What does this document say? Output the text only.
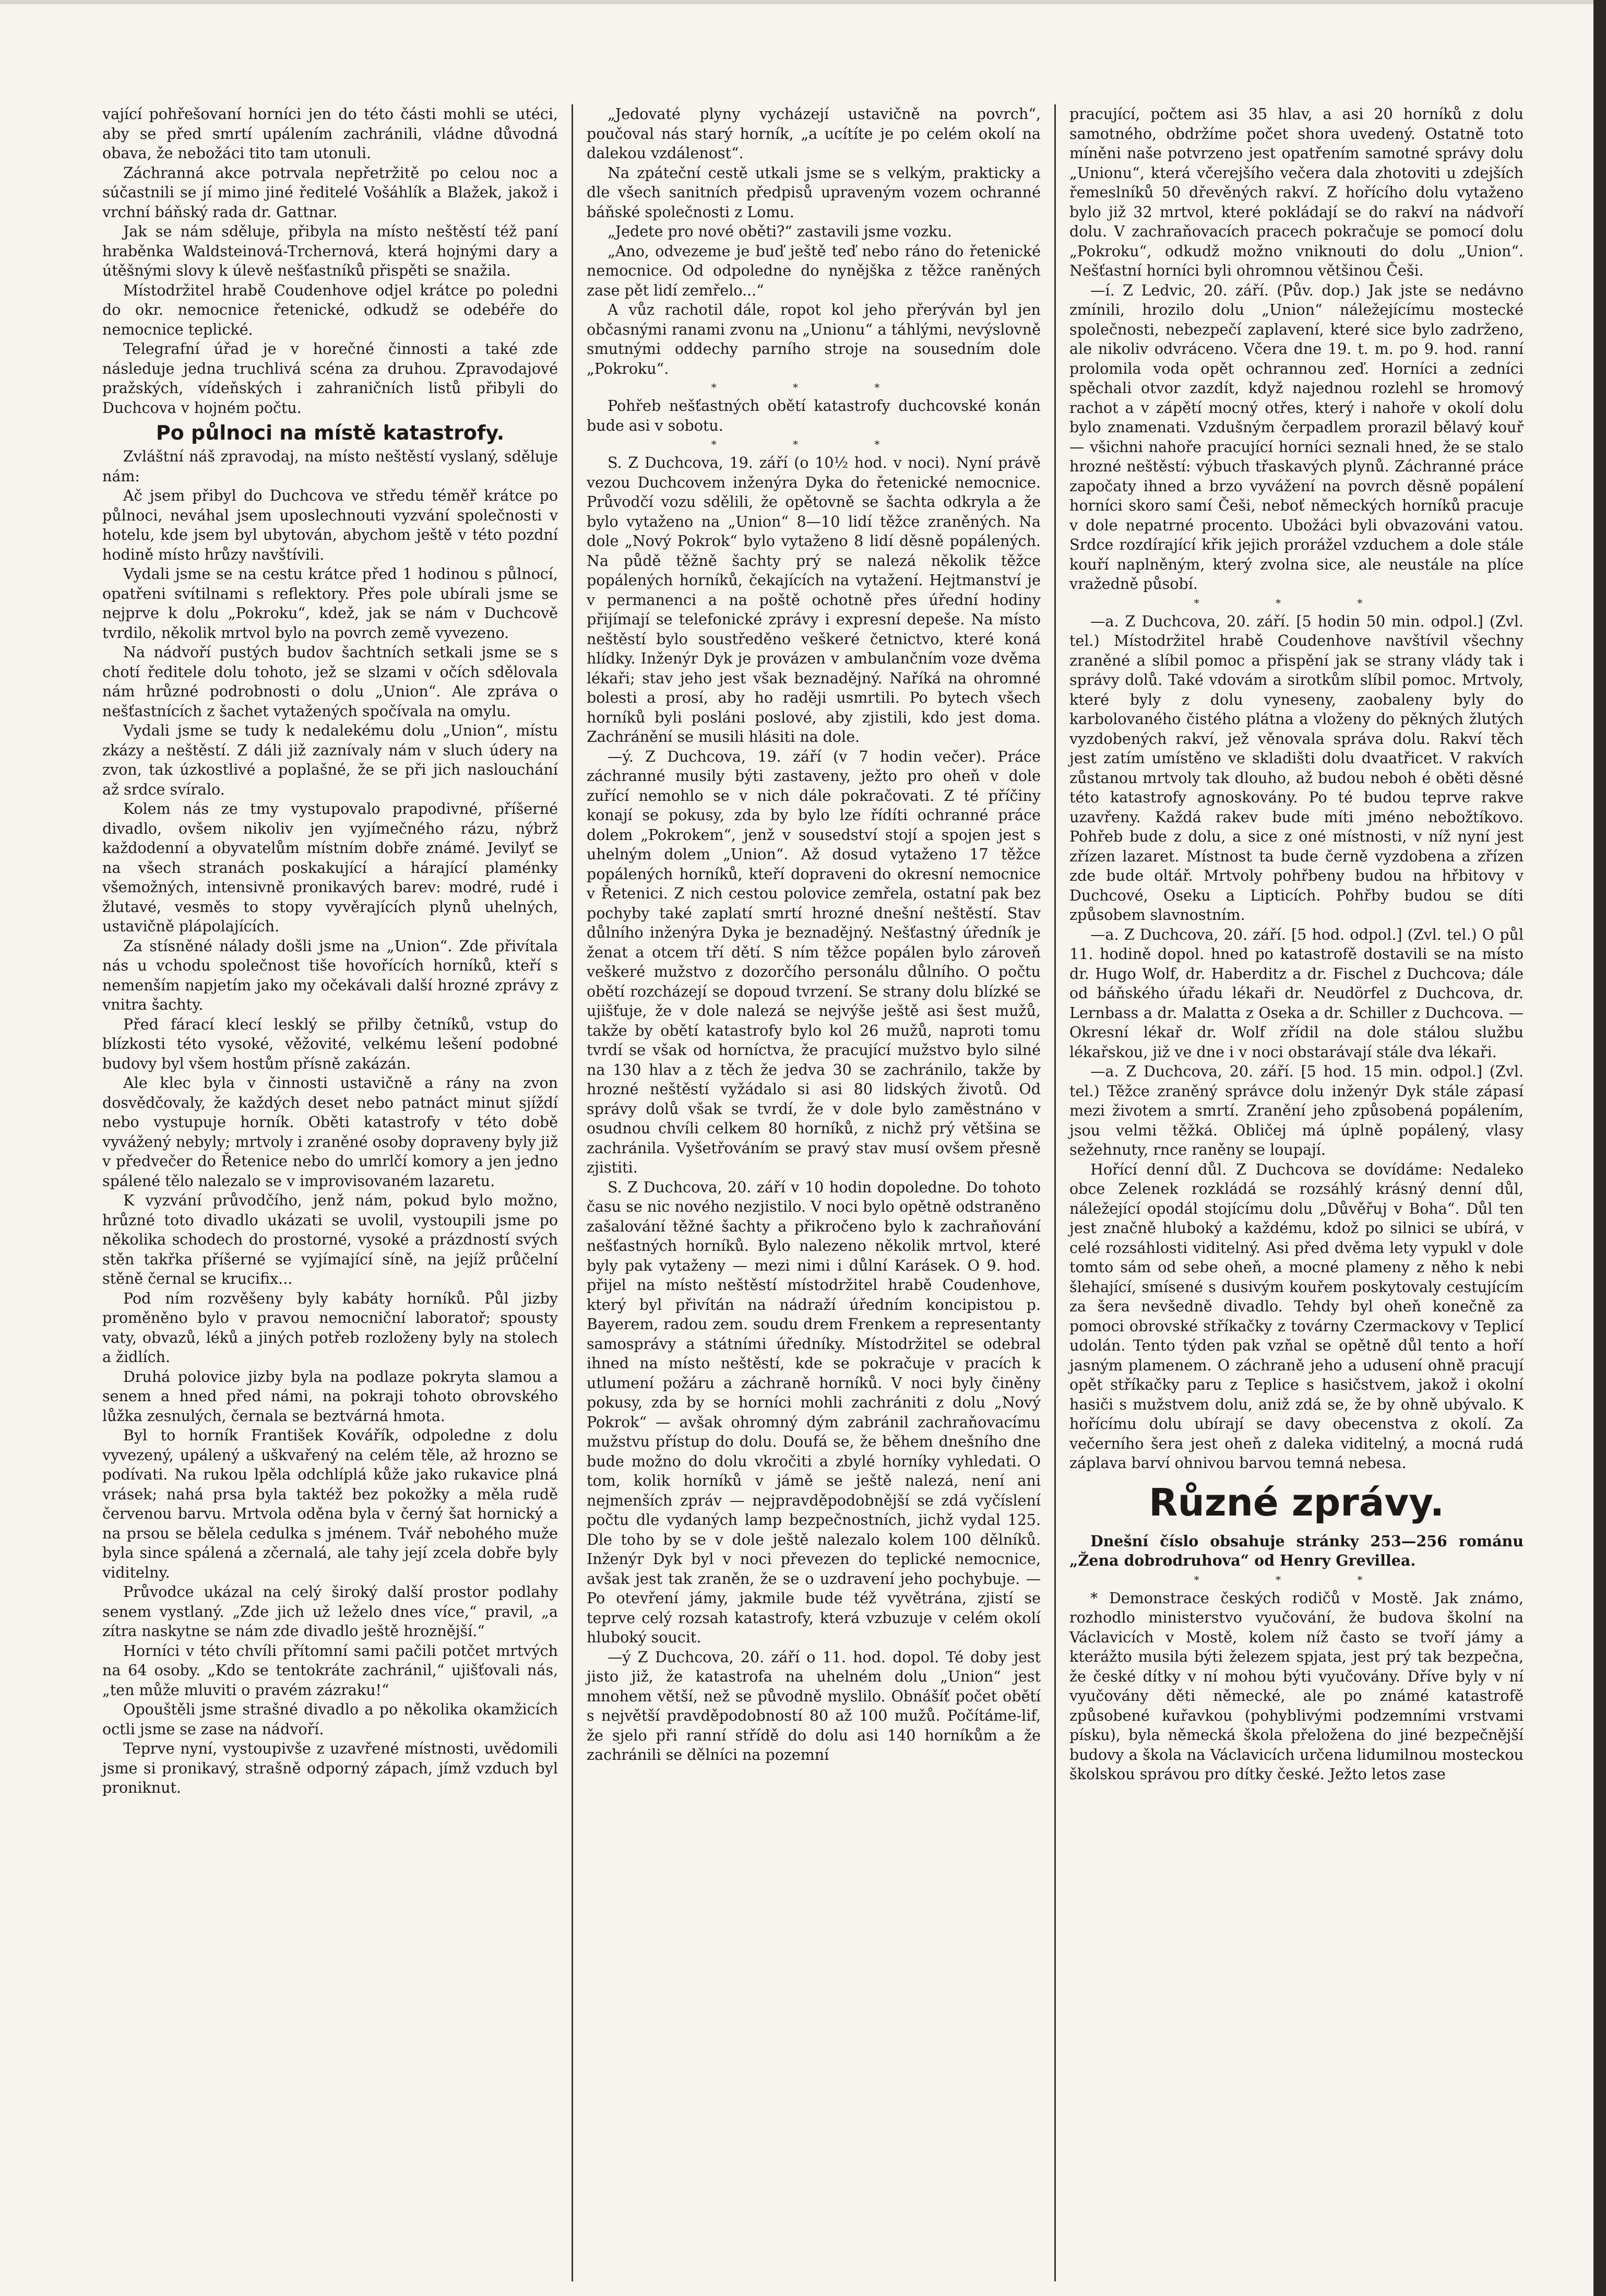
vající pohřešovaní horníci jen do této části mohli se utéci, aby se před smrtí upálením zachránili, vládne důvodná obava, že nebožáci tito tam utonuli.

Záchranná akce potrvala nepřetržitě po celou noc a súčastnili se jí mimo jiné ředitelé Vošáhlík a Blažek, jakož i vrchní báňský rada dr. Gattnar.

Jak se nám sděluje, přibyla na místo neštěstí též paní hraběnka Waldsteinová-Trchernová, která hojnými dary a útěšnými slovy k úlevě nešťastníků přispěti se snažila.

Místodržitel hrabě Coudenhove odjel krátce po poledni do okr. nemocnice řetenické, odkudž se odebéře do nemocnice teplické.

Telegrafní úřad je v horečné činnosti a také zde následuje jedna truchlivá scéna za druhou. Zpravodajové pražských, vídeňských i zahraničních listů přibyli do Duchcova v hojném počtu.

Po půlnoci na místě katastrofy.

Zvláštní náš zpravodaj, na místo neštěstí vyslaný, sděluje nám:

Ač jsem přibyl do Duchcova ve středu téměř krátce po půlnoci, neváhal jsem uposlechnouti vyzvání společnosti v hotelu, kde jsem byl ubytován, abychom ještě v této pozdní hodině místo hrůzy navštívili.

Vydali jsme se na cestu krátce před 1 hodinou s půlnocí, opatřeni svítilnami s reflektory. Přes pole ubírali jsme se nejprve k dolu „Pokroku“, kdež, jak se nám v Duchcově tvrdilo, několik mrtvol bylo na povrch země vyvezeno.

Na nádvoří pustých budov šachtních setkali jsme se s chotí ředitele dolu tohoto, jež se slzami v očích sdělovala nám hrůzné podrobnosti o dolu „Union“. Ale zpráva o nešťastnících z šachet vytažených spočívala na omylu.

Vydali jsme se tudy k nedalekému dolu „Union“, místu zkázy a neštěstí. Z dáli již zaznívaly nám v sluch údery na zvon, tak úzkostlivé a poplašné, že se při jich naslouchání až srdce svíralo.

Kolem nás ze tmy vystupovalo prapodivné, příšerné divadlo, ovšem nikoliv jen vyjímečného rázu, nýbrž každodenní a obyvatelům místním dobře známé. Jevilyť se na všech stranách poskakující a hárající plaménky všemožných, intensivně pronikavých barev: modré, rudé i žlutavé, vesměs to stopy vyvěrajících plynů uhelných, ustavičně plápolajících.

Za stísněné nálady došli jsme na „Union“. Zde přivítala nás u vchodu společnost tiše hovořících horníků, kteří s nemenším napjetím jako my očekávali další hrozné zprávy z vnitra šachty.

Před fárací klecí lesklý se přilby četníků, vstup do blízkosti této vysoké, věžovité, velkému lešení podobné budovy byl všem hostům přísně zakázán.

Ale klec byla v činnosti ustavičně a rány na zvon dosvědčovaly, že každých deset nebo patnáct minut sjíždí nebo vystupuje horník. Oběti katastrofy v této době vyvážený nebyly; mrtvoly i zraněné osoby dopraveny byly již v předvečer do Řetenice nebo do umrlčí komory a jen jedno spálené tělo nalezalo se v improvisovaném lazaretu.

K vyzvání průvodčího, jenž nám, pokud bylo možno, hrůzné toto divadlo ukázati se uvolil, vystoupili jsme po několika schodech do prostorné, vysoké a prázdností svých stěn takřka příšerné se vyjímající síně, na jejíž průčelní stěně černal se krucifix...

Pod ním rozvěšeny byly kabáty horníků. Půl jizby proměněno bylo v pravou nemocniční laboratoř; spousty vaty, obvazů, léků a jiných potřeb rozloženy byly na stolech a židlích.

Druhá polovice jizby byla na podlaze pokryta slamou a senem a hned před námi, na pokraji tohoto obrovského lůžka zesnulých, černala se beztvárná hmota.

Byl to horník František Kovářík, odpoledne z dolu vyvezený, upálený a uškvařený na celém těle, až hrozno se podívati. Na rukou lpěla odchlíplá kůže jako rukavice plná vrásek; nahá prsa byla taktéž bez pokožky a měla rudě červenou barvu. Mrtvola oděna byla v černý šat hornický a na prsou se bělela cedulka s jménem. Tvář nebohého muže byla since spálená a zčernalá, ale tahy její zcela dobře byly viditelny.

Průvodce ukázal na celý široký další prostor podlahy senem vystlaný. „Zde jich už leželo dnes více,“ pravil, „a zítra naskytne se nám zde divadlo ještě hroznější.“

Horníci v této chvíli přítomní sami pačili potčet mrtvých na 64 osoby. „Kdo se tentokráte zachránil,“ ujišťovali nás, „ten může mluviti o pravém zázraku!“

Opouštěli jsme strašné divadlo a po několika okamžicích octli jsme se zase na nádvoří.

Teprve nyní, vystoupivše z uzavřené místnosti, uvědomili jsme si pronikavý, strašně odporný zápach, jímž vzduch byl proniknut.

„Jedovaté plyny vycházejí ustavičně na povrch“, poučoval nás starý horník, „a ucítíte je po celém okolí na dalekou vzdálenost“.

Na zpáteční cestě utkali jsme se s velkým, prakticky a dle všech sanitních předpisů upraveným vozem ochranné báňské společnosti z Lomu.

„Jedete pro nové oběti?“ zastavili jsme vozku.

„Ano, odvezeme je buď ještě teď nebo ráno do řetenické nemocnice. Od odpoledne do nynějška z těžce raněných zase pět lidí zemřelo...“

A vůz rachotil dále, ropot kol jeho přerýván byl jen občasnými ranami zvonu na „Unionu“ a táhlými, nevýslovně smutnými oddechy parního stroje na sousedním dole „Pokroku“.

* * *

Pohřeb nešťastných obětí katastrofy duchcovské konán bude asi v sobotu.

* * *

S. Z Duchcova, 19. září (o 10½ hod. v noci). Nyní právě vezou Duchcovem inženýra Dyka do řetenické nemocnice. Průvodčí vozu sdělili, že opětovně se šachta odkryla a že bylo vytaženo na „Union“ 8—10 lidí těžce zraněných. Na dole „Nový Pokrok“ bylo vytaženo 8 lidí děsně popálených. Na půdě těžně šachty prý se nalezá několik těžce popálených horníků, čekajících na vytažení. Hejtmanství je v permanenci a na poště ochotně přes úřední hodiny přijímají se telefonické zprávy i expresní depeše. Na místo neštěstí bylo soustředěno veškeré četnictvo, které koná hlídky. Inženýr Dyk je provázen v ambulančním voze dvěma lékaři; stav jeho jest však beznadějný. Naříká na ohromné bolesti a prosí, aby ho raději usmrtili. Po bytech všech horníků byli posláni poslové, aby zjistili, kdo jest doma. Zachránění se musili hlásiti na dole.

—ý. Z Duchcova, 19. září (v 7 hodin večer). Práce záchranné musily býti zastaveny, ježto pro oheň v dole zuřící nemohlo se v nich dále pokračovati. Z té příčiny konají se pokusy, zda by bylo lze řídíti ochranné práce dolem „Pokrokem“, jenž v sousedství stojí a spojen jest s uhelným dolem „Union“. Až dosud vytaženo 17 těžce popálených horníků, kteří dopraveni do okresní nemocnice v Řetenici. Z nich cestou polovice zemřela, ostatní pak bez pochyby také zaplatí smrtí hrozné dnešní neštěstí. Stav důlního inženýra Dyka je beznadějný. Nešťastný úředník je ženat a otcem tří dětí. S ním těžce popálen bylo zároveň veškeré mužstvo z dozorčího personálu důlního. O počtu obětí rozcházejí se dopoud tvrzení. Se strany dolu blízké se ujišťuje, že v dole nalezá se nejvýše ještě asi šest mužů, takže by obětí katastrofy bylo kol 26 mužů, naproti tomu tvrdí se však od horníctva, že pracující mužstvo bylo silné na 130 hlav a z těch že jedva 30 se zachránilo, takže by hrozné neštěstí vyžádalo si asi 80 lidských životů. Od správy dolů však se tvrdí, že v dole bylo zaměstnáno v osudnou chvíli celkem 80 horníků, z nichž prý většina se zachránila. Vyšetřováním se pravý stav musí ovšem přesně zjistiti.

S. Z Duchcova, 20. září v 10 hodin dopoledne. Do tohoto času se nic nového nezjistilo. V noci bylo opětně odstraněno zašalování těžné šachty a přikročeno bylo k zachraňování nešťastných horníků. Bylo nalezeno několik mrtvol, které byly pak vytaženy — mezi nimi i důlní Karásek. O 9. hod. přijel na místo neštěstí místodržitel hrabě Coudenhove, který byl přivítán na nádraží úředním koncipistou p. Bayerem, radou zem. soudu drem Frenkem a representanty samosprávy a státními úředníky. Místodržitel se odebral ihned na místo neštěstí, kde se pokračuje v pracích k utlumení požáru a záchraně horníků. V noci byly činěny pokusy, zda by se horníci mohli zachrániti z dolu „Nový Pokrok“ — avšak ohromný dým zabránil zachraňovacímu mužstvu přístup do dolu. Doufá se, že během dnešního dne bude možno do dolu vkročiti a zbylé horníky vyhledati. O tom, kolik horníků v jámě se ještě nalezá, není ani nejmenších zpráv — nejpravděpodobnější se zdá vyčíslení počtu dle vydaných lamp bezpečnostních, jichž vydal 125. Dle toho by se v dole ještě nalezalo kolem 100 dělníků. Inženýr Dyk byl v noci převezen do teplické nemocnice, avšak jest tak zraněn, že se o uzdravení jeho pochybuje. — Po otevření jámy, jakmile bude též vyvětrána, zjistí se teprve celý rozsah katastrofy, která vzbuzuje v celém okolí hluboký soucit.

—ý Z Duchcova, 20. září o 11. hod. dopol. Té doby jest jisto již, že katastrofa na uhelném dolu „Union“ jest mnohem větší, než se původně myslilo. Obnášíť počet obětí s největší pravděpodobností 80 až 100 mužů. Počítáme-lif, že sjelo při ranní střídě do dolu asi 140 horníkům a že zachránili se dělníci na pozemní

pracující, počtem asi 35 hlav, a asi 20 horníků z dolu samotného, obdržíme počet shora uvedený. Ostatně toto míněni naše potvrzeno jest opatřením samotné správy dolu „Unionu“, která včerejšího večera dala zhotoviti u zdejších řemeslníků 50 dřevěných rakví. Z hořícího dolu vytaženo bylo již 32 mrtvol, které pokládají se do rakví na nádvoří dolu. V zachraňovacích pracech pokračuje se pomocí dolu „Pokroku“, odkudž možno vniknouti do dolu „Union“. Nešťastní horníci byli ohromnou většinou Češi.

—í. Z Ledvic, 20. září. (Pův. dop.) Jak jste se nedávno zmínili, hrozilo dolu „Union“ náležejícímu mostecké společnosti, nebezpečí zaplavení, které sice bylo zadrženo, ale nikoliv odvráceno. Včera dne 19. t. m. po 9. hod. ranní prolomila voda opět ochrannou zeď. Horníci a zedníci spěchali otvor zazdít, když najednou rozlehl se hromový rachot a v zápětí mocný otřes, který i nahoře v okolí dolu bylo znamenati. Vzdušným čerpadlem prorazil bělavý kouř — všichni nahoře pracující horníci seznali hned, že se stalo hrozné neštěstí: výbuch třaskavých plynů. Záchranné práce započaty ihned a brzo vyvážení na povrch děsně popálení horníci skoro samí Češi, neboť německých horníků pracuje v dole nepatrné procento. Ubožáci byli obvazováni vatou. Srdce rozdírající křik jejich prorážel vzduchem a dole stále kouří naplněným, který zvolna sice, ale neustále na plíce vražedně působí.

* * *

—a. Z Duchcova, 20. září. [5 hodin 50 min. odpol.] (Zvl. tel.) Místodržitel hrabě Coudenhove navštívil všechny zraněné a slíbil pomoc a přispění jak se strany vlády tak i správy dolů. Také vdovám a sirotkům slíbil pomoc. Mrtvoly, které byly z dolu vyneseny, zaobaleny byly do karbolovaného čistého plátna a vloženy do pěkných žlutých vyzdobených rakví, jež věnovala správa dolu. Rakví těch jest zatím umístěno ve skladišti dolu dvaatřicet. V rakvích zůstanou mrtvoly tak dlouho, až budou neboh é oběti děsné této katastrofy agnoskovány. Po té budou teprve rakve uzavřeny. Každá rakev bude míti jméno nebožtíkovo. Pohřeb bude z dolu, a sice z oné místnosti, v níž nyní jest zřízen lazaret. Místnost ta bude černě vyzdobena a zřízen zde bude oltář. Mrtvoly pohřbeny budou na hřbitovy v Duchcové, Oseku a Lipticích. Pohřby budou se díti způsobem slavnostním.

—a. Z Duchcova, 20. září. [5 hod. odpol.] (Zvl. tel.) O půl 11. hodině dopol. hned po katastrofě dostavili se na místo dr. Hugo Wolf, dr. Haberditz a dr. Fischel z Duchcova; dále od báňského úřadu lékaři dr. Neudörfel z Duchcova, dr. Lernbass a dr. Malatta z Oseka a dr. Schiller z Duchcova. — Okresní lékař dr. Wolf zřídil na dole stálou službu lékařskou, již ve dne i v noci obstarávají stále dva lékaři.

—a. Z Duchcova, 20. září. [5 hod. 15 min. odpol.] (Zvl. tel.) Těžce zraněný správce dolu inženýr Dyk stále zápasí mezi životem a smrtí. Zranění jeho způsobená popálením, jsou velmi těžká. Obličej má úplně popálený, vlasy sežehnuty, rnce raněny se loupají.

Hořící denní důl. Z Duchcova se dovídáme: Nedaleko obce Zelenek rozkládá se rozsáhlý krásný denní důl, náležející opodál stojícímu dolu „Důvěřuj v Boha“. Důl ten jest značně hluboký a každému, kdož po silnici se ubírá, v celé rozsáhlosti viditelný. Asi před dvěma lety vypukl v dole tomto sám od sebe oheň, a mocné plameny z něho k nebi šlehající, smísené s dusivým kouřem poskytovaly cestujícím za šera nevšedně divadlo. Tehdy byl oheň konečně za pomoci obrovské stříkačky z továrny Czermackovy v Teplicí udolán. Tento týden pak vzňal se opětně důl tento a hoří jasným plamenem. O záchraně jeho a udusení ohně pracují opět stříkačky paru z Teplice s hasičstvem, jakož i okolní hasiči s mužstvem dolu, aniž zdá se, že by ohně ubývalo. K hořícímu dolu ubírají se davy obecenstva z okolí. Za večerního šera jest oheň z daleka viditelný, a mocná rudá záplava barví ohnivou barvou temná nebesa.

Různé zprávy.

Dnešní číslo obsahuje stránky 253—256 románu „Žena dobrodruhova“ od Henry Grevillea.

* * *

* Demonstrace českých rodičů v Mostě. Jak známo, rozhodlo ministerstvo vyučování, že budova školní na Václavicích v Mostě, kolem níž často se tvoří jámy a kterážto musila býti železem spjata, jest prý tak bezpečna, že české dítky v ní mohou býti vyučovány. Dříve byly v ní vyučovány děti německé, ale po známé katastrofě způsobené kuřavkou (pohyblivými podzemními vrstvami písku), byla německá škola přeložena do jiné bezpečnější budovy a škola na Václavicích určena lidumilnou mosteckou školskou správou pro dítky české. Ježto letos zase
